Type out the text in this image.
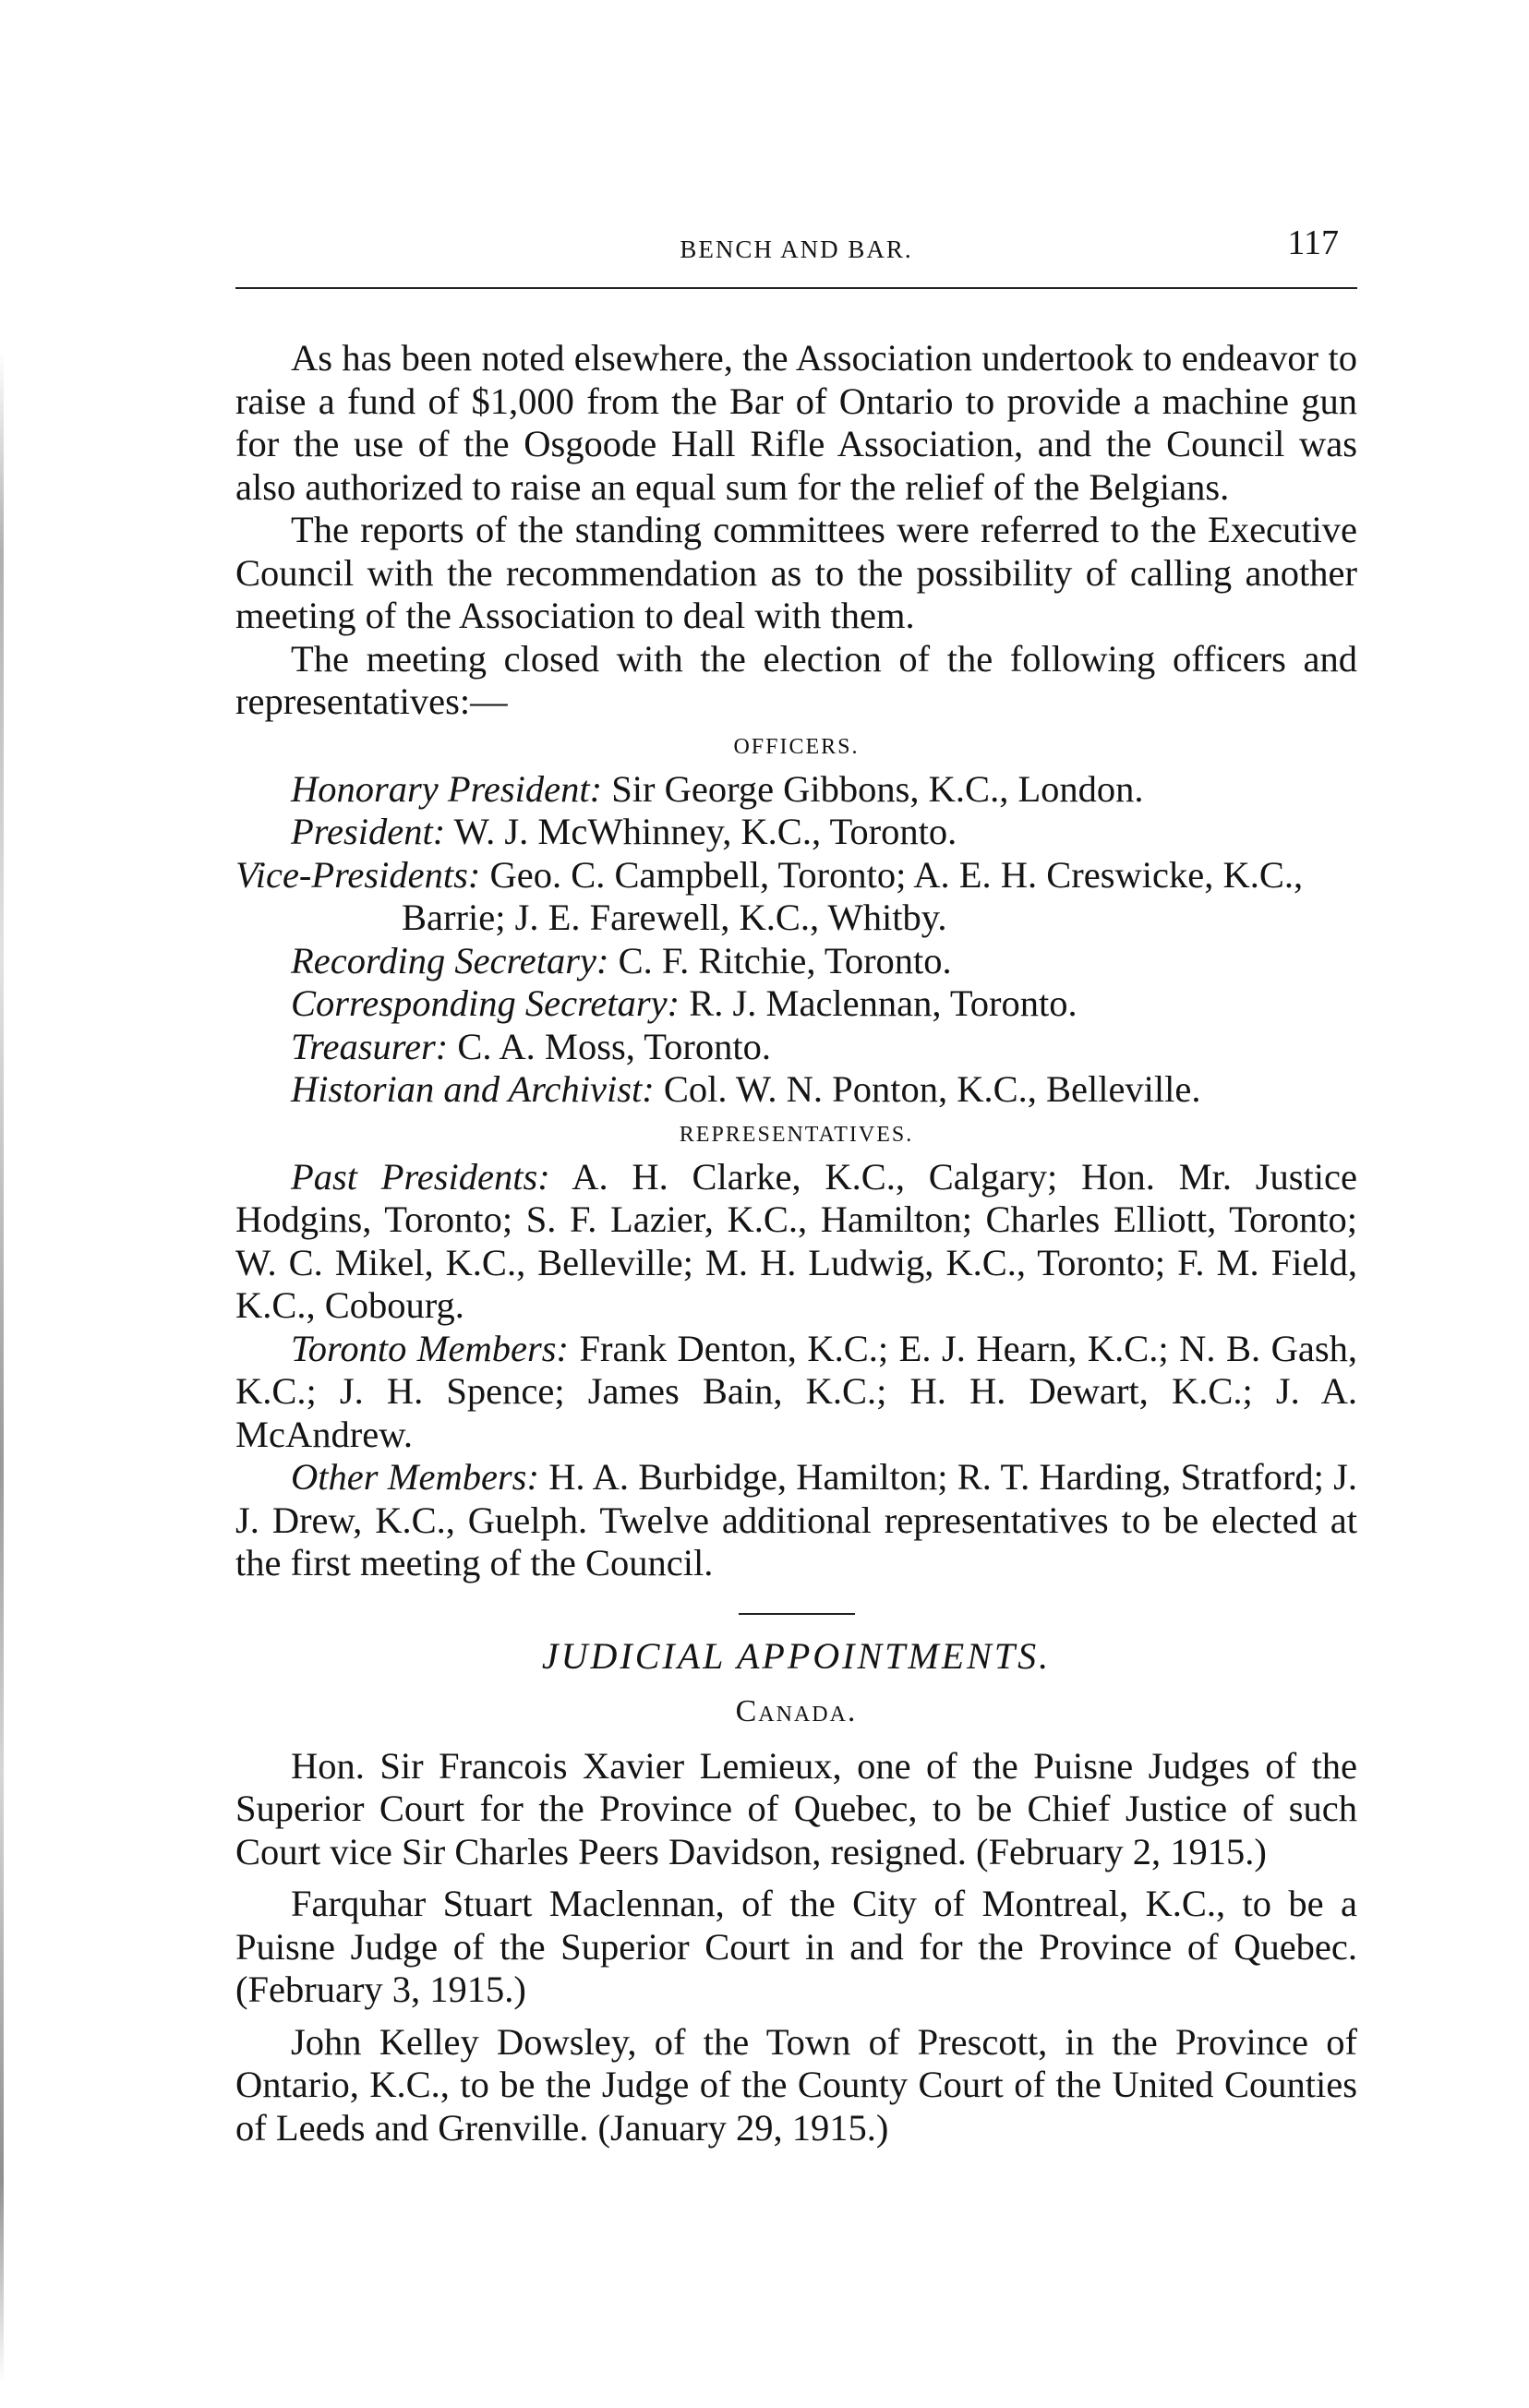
BENCH AND BAR.	117

As has been noted elsewhere, the Association undertook to endeavor to raise a fund of $1,000 from the Bar of Ontario to provide a machine gun for the use of the Osgoode Hall Rifle Association, and the Council was also authorized to raise an equal sum for the relief of the Belgians.

The reports of the standing committees were referred to the Executive Council with the recommendation as to the possibility of calling another meeting of the Association to deal with them.

The meeting closed with the election of the following officers and representatives:—

OFFICERS.

Honorary President: Sir George Gibbons, K.C., London.

President: W. J. McWhinney, K.C., Toronto.

Vice-Presidents: Geo. C. Campbell, Toronto; A. E. H. Creswicke, K.C., Barrie; J. E. Farewell, K.C., Whitby.

Recording Secretary: C. F. Ritchie, Toronto.

Corresponding Secretary: R. J. Maclennan, Toronto.

Treasurer: C. A. Moss, Toronto.

Historian and Archivist: Col. W. N. Ponton, K.C., Belleville.

REPRESENTATIVES.

Past Presidents: A. H. Clarke, K.C., Calgary; Hon. Mr. Justice Hodgins, Toronto; S. F. Lazier, K.C., Hamilton; Charles Elliott, Toronto; W. C. Mikel, K.C., Belleville; M. H. Ludwig, K.C., Toronto; F. M. Field, K.C., Cobourg.

Toronto Members: Frank Denton, K.C.; E. J. Hearn, K.C.; N. B. Gash, K.C.; J. H. Spence; James Bain, K.C.; H. H. Dewart, K.C.; J. A. McAndrew.

Other Members: H. A. Burbidge, Hamilton; R. T. Harding, Stratford; J. J. Drew, K.C., Guelph. Twelve additional representatives to be elected at the first meeting of the Council.

JUDICIAL APPOINTMENTS.
Canada.

Hon. Sir Francois Xavier Lemieux, one of the Puisne Judges of the Superior Court for the Province of Quebec, to be Chief Justice of such Court vice Sir Charles Peers Davidson, resigned. (February 2, 1915.)

Farquhar Stuart Maclennan, of the City of Montreal, K.C., to be a Puisne Judge of the Superior Court in and for the Province of Quebec. (February 3, 1915.)

John Kelley Dowsley, of the Town of Prescott, in the Province of Ontario, K.C., to be the Judge of the County Court of the United Counties of Leeds and Grenville. (January 29, 1915.)
